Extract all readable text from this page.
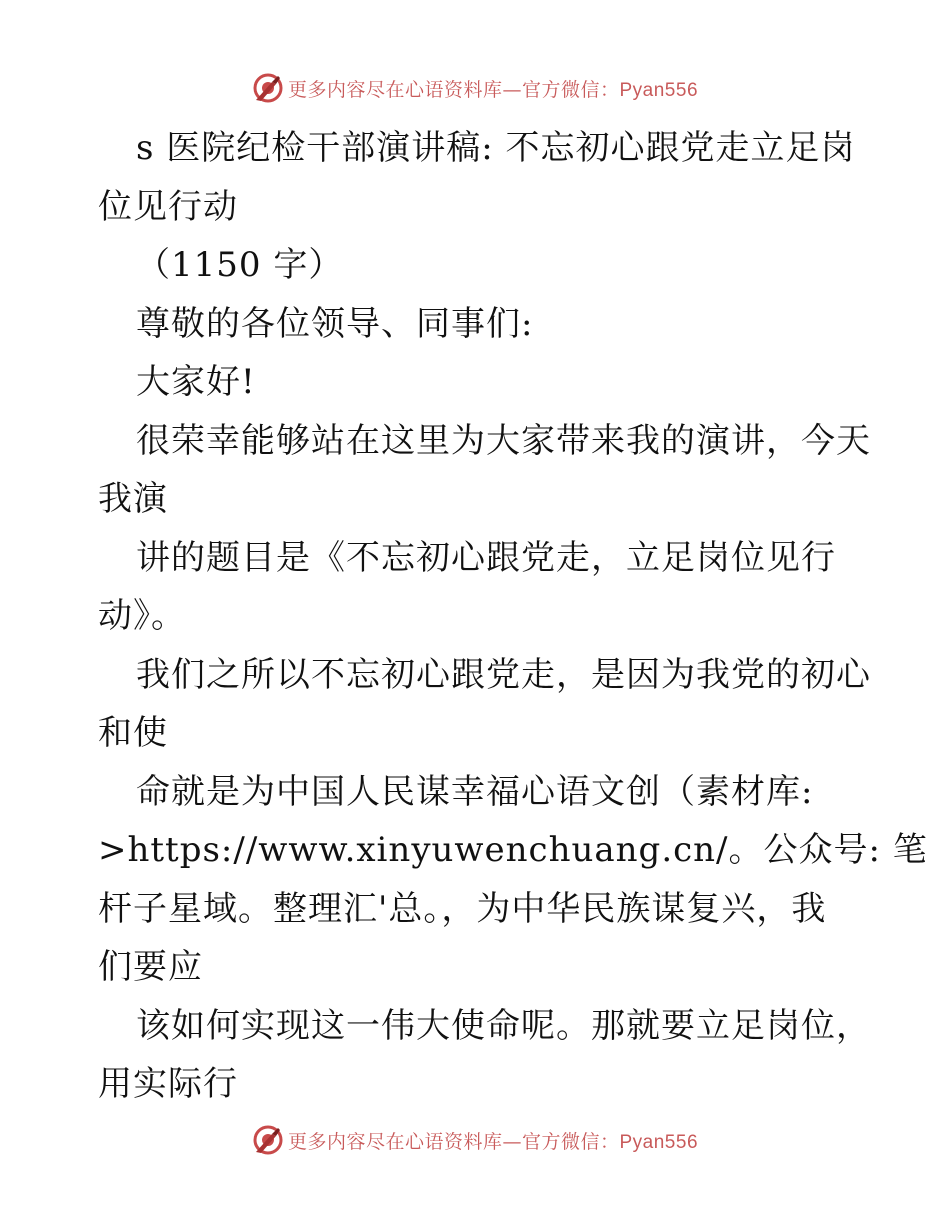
更多内容尽在心语资料库—官方微信：Pyan556
s 医院纪检干部演讲稿: 不忘初心跟党走立足岗
位见行动
（1150 字）
尊敬的各位领导、同事们:
大家好!
很荣幸能够站在这里为大家带来我的演讲，今天
我演
讲的题目是《不忘初心跟党走，立足岗位见行
动》。
我们之所以不忘初心跟党走，是因为我党的初心
和使
命就是为中国人民谋幸福心语文创（素材库:
>https://www.xinyuwenchuang.cn/。公众号: 笔
杆子星域。整理汇'总。，为中华民族谋复兴，我
们要应
该如何实现这一伟大使命呢。那就要立足岗位，
用实际行
更多内容尽在心语资料库—官方微信：Pyan556
